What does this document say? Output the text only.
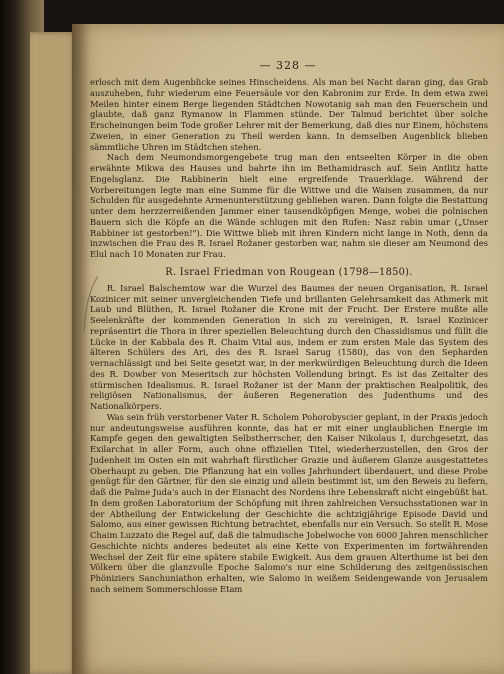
— 328 —

erlosch mit dem Augenblicke seines Hinscheidens. Als man bei Nacht daran ging, das Grab auszuheben, fuhr wiederum eine Feuersäule vor den Kabronim zur Erde. In dem etwa zwei Meilen hinter einem Berge liegenden Städtchen Nowotanig sah man den Feuerschein und glaubte, daß ganz Rymanow in Flammen stünde. Der Talmud berichtet über solche Erscheinungen beim Tode großer Lehrer mit der Bemerkung, daß dies nur Einem, höchstens Zweien, in einer Generation zu Theil werden kann. In demselben Augenblick blieben sämmtliche Uhren im Städtchen stehen.

Nach dem Neumondsmorgengebete trug man den entseelten Körper in die oben erwähnte Mikwa des Hauses und bahrte ihn im Bethamidrasch auf. Sein Antlitz hatte Engelsglanz. Die Rabbinerin hielt eine ergreifende Trauerklage. Während der Vorbereitungen legte man eine Summe für die Wittwe und die Waisen zusammen, da nur Schulden für ausgedehnte Armenunterstützung geblieben waren. Dann folgte die Bestattung unter dem herzzerreißenden Jammer einer tausendköpfigen Menge, wobei die polnischen Bauern sich die Köpfe an die Wände schlugen mit den Rufen: Nasz rabin umar („Unser Rabbiner ist gestorben!"). Die Wittwe blieb mit ihren Kindern nicht lange in Noth, denn da inzwischen die Frau des R. Israel Rožaner gestorben war, nahm sie dieser am Neumond des Elul nach 10 Monaten zur Frau.

R. Israel Friedman von Rougean (1798—1850).

R. Israel Balschemtow war die Wurzel des Baumes der neuen Organisation, R. Israel Kozinicer mit seiner unvergleichenden Tiefe und brillanten Gelehrsamkeit das Athmerk mit Laub und Blüthen, R. Israel Rožaner die Krone mit der Frucht. Der Erstere mußte alle Seelenkräfte der kommenden Generation in sich zu vereinigen, R. Israel Kozinicer repräsentirt die Thora in ihrer speziellen Beleuchtung durch den Chassidismus und füllt die Lücke in der Kabbala des R. Chaim Vital aus, indem er zum ersten Male das System des älteren Schülers des Ari, des des R. Israel Sarug (1580), das von den Sepharden vernachlässigt und bei Seite gesetzt war, in der merkwürdigen Beleuchtung durch die Ideen des R. Dowber von Meseritsch zur höchsten Vollendung bringt. Es ist das Zeitalter des stürmischen Idealismus. R. Israel Rožaner ist der Mann der praktischen Realpolitik, des religiösen Nationalismus, der äußeren Regeneration des Judenthums und des Nationalkörpers.

Was sein früh verstorbener Vater R. Scholem Pohorobyscier geplant, in der Praxis jedoch nur andeutungsweise ausführen konnte, das hat er mit einer unglaublichen Energie im Kampfe gegen den gewaltigten Selbstherrscher, den Kaiser Nikolaus I, durchgesetzt, das Exilarchat in aller Form, auch ohne offiziellen Titel, wiederherzustellen, den Gros der Judenheit im Osten ein mit wahrhaft fürstlicher Grazie und äußerem Glanze ausgestattetes Oberhaupt zu geben. Die Pflanzung hat ein volles Jahrhundert überdauert, und diese Probe genügt für den Gärtner, für den sie einzig und allein bestimmt ist, um den Beweis zu liefern, daß die Palme Juda's auch in der Eisnacht des Nordens ihre Lebenskraft nicht eingebüßt hat. In dem großen Laboratorium der Schöpfung mit ihren zahlreichen Versuchsstationen war in der Abtheilung der Entwickelung der Geschichte die achtzigjährige Episode David und Salomo, aus einer gewissen Richtung betrachtet, ebenfalls nur ein Versuch. So stellt R. Mose Chaim Luzzato die Regel auf, daß die talmudische Jobelwoche von 6000 Jahren menschlicher Geschichte nichts anderes bedeutet als eine Kette von Experimenten im fortwährenden Wechsel der Zeit für eine spätere stabile Ewigkeit. Aus dem grauen Alterthume ist bei den Völkern über die glanzvolle Epoche Salomo's nur eine Schilderung des zeitgenössischen Phöniziers Sanchuniathon erhalten, wie Salomo in weißem Seidengewande von Jerusalem nach seinem Sommerschlosse Etam
